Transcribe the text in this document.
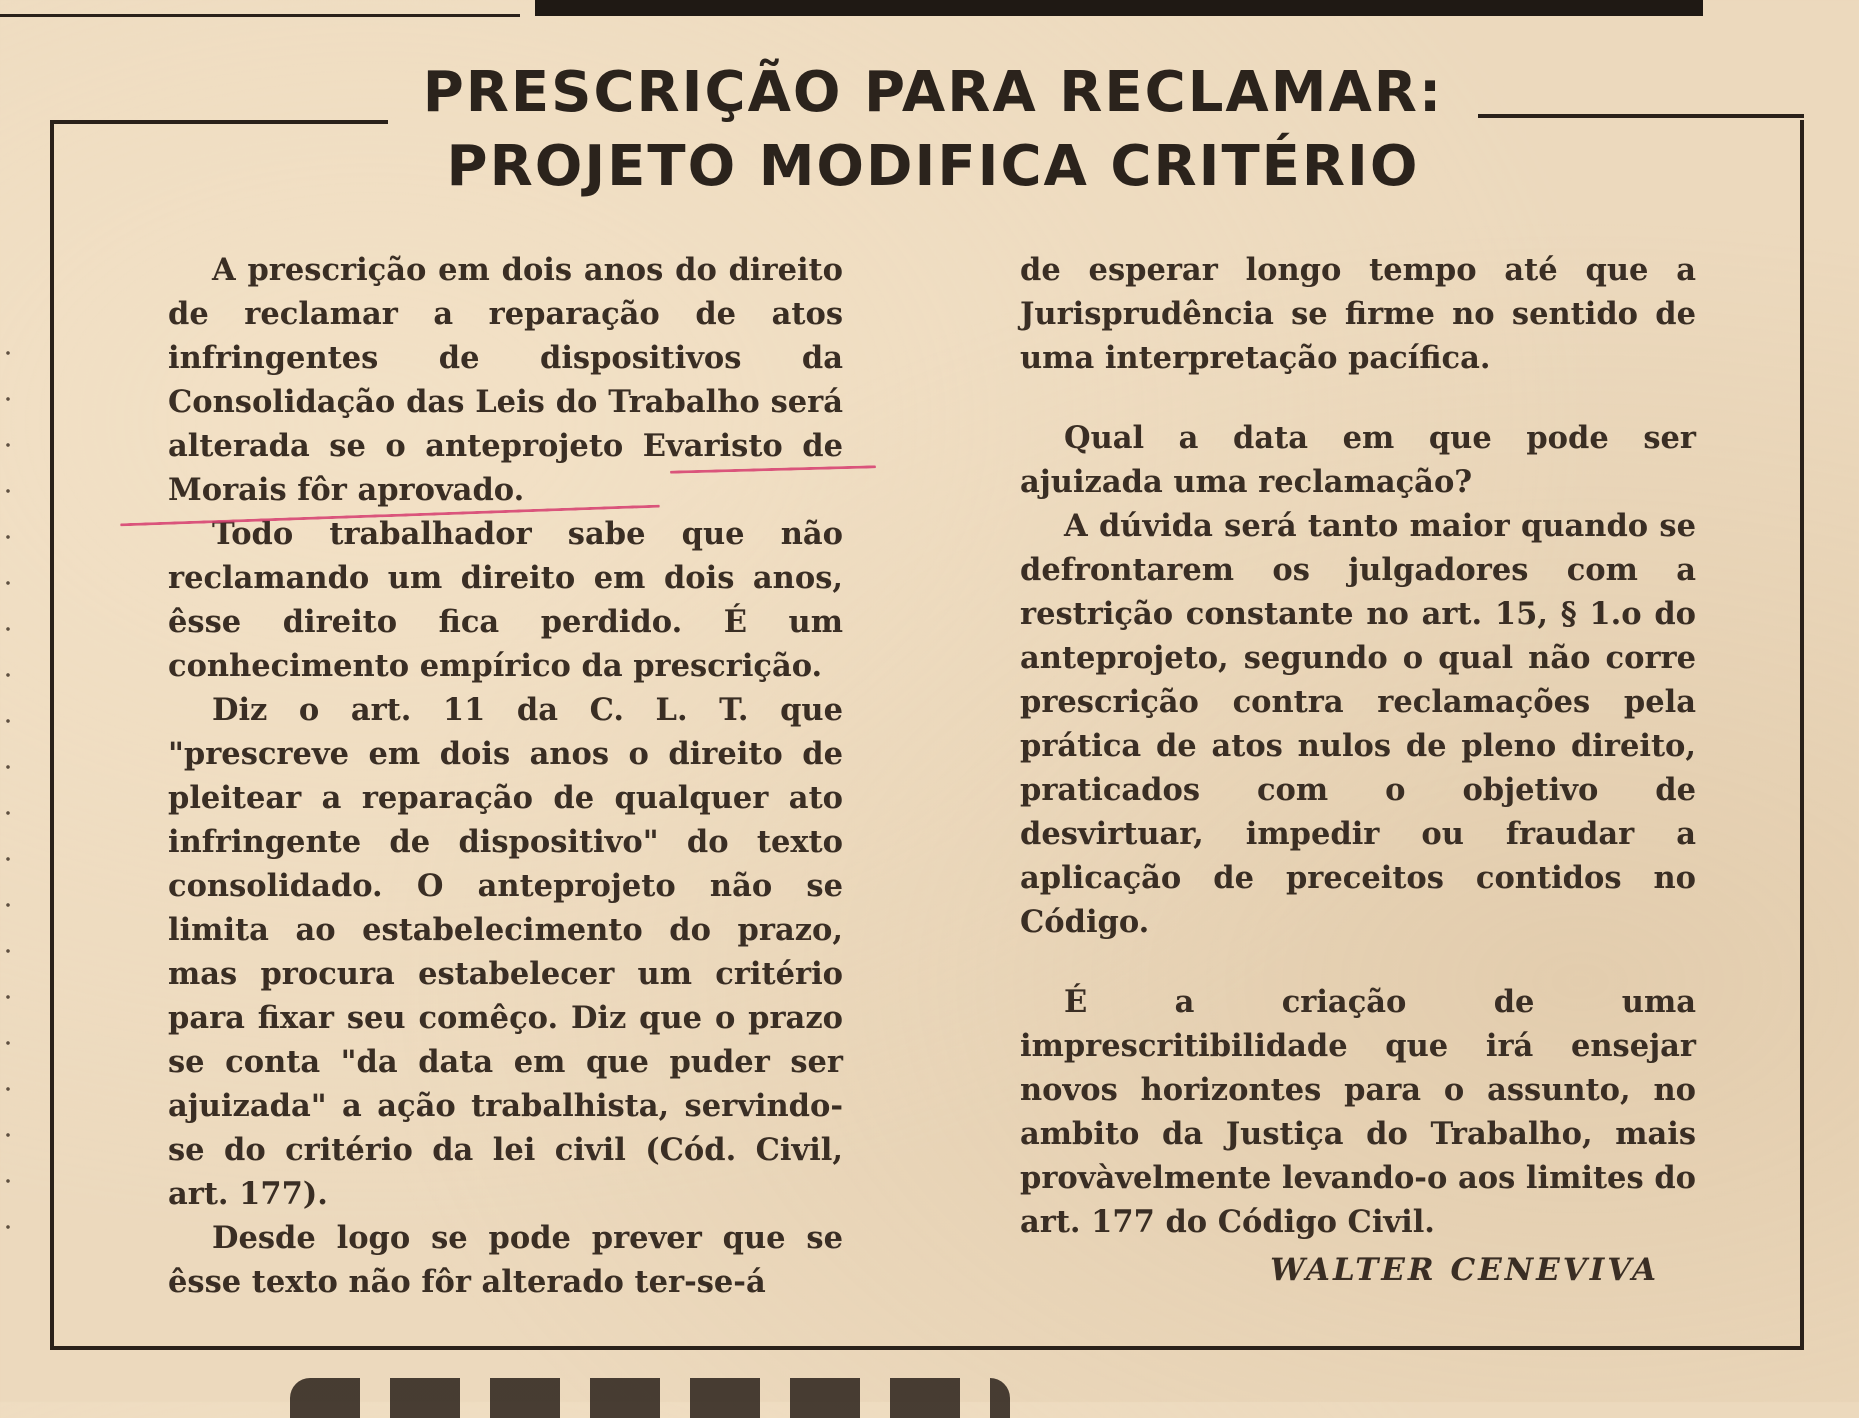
PRESCRIÇÃO PARA RECLAMAR:
PROJETO MODIFICA CRITÉRIO

A prescrição em dois anos do direito de reclamar a reparação de atos infringentes de dispositivos da Consolidação das Leis do Trabalho será alterada se o anteprojeto Evaristo de Morais fôr aprovado.

Todo trabalhador sabe que não reclamando um direito em dois anos, êsse direito fica perdido. É um conhecimento empírico da prescrição.

Diz o art. 11 da C. L. T. que "prescreve em dois anos o direito de pleitear a reparação de qualquer ato infringente de dispositivo" do texto consolidado. O anteprojeto não se limita ao estabelecimento do prazo, mas procura estabelecer um critério para fixar seu comêço. Diz que o prazo se conta "da data em que puder ser ajuizada" a ação trabalhista, servindo-se do critério da lei civil (Cód. Civil, art. 177).

Desde logo se pode prever que se êsse texto não fôr alterado ter-se-á

de esperar longo tempo até que a Jurisprudência se firme no sentido de uma interpretação pacífica.

Qual a data em que pode ser ajuizada uma reclamação?

A dúvida será tanto maior quando se defrontarem os julgadores com a restrição constante no art. 15, § 1.o do anteprojeto, segundo o qual não corre prescrição contra reclamações pela prática de atos nulos de pleno direito, praticados com o objetivo de desvirtuar, impedir ou fraudar a aplicação de preceitos contidos no Código.

É a criação de uma imprescritibilidade que irá ensejar novos horizontes para o assunto, no ambito da Justiça do Trabalho, mais provàvelmente levando-o aos limites do art. 177 do Código Civil.

WALTER CENEVIVA
